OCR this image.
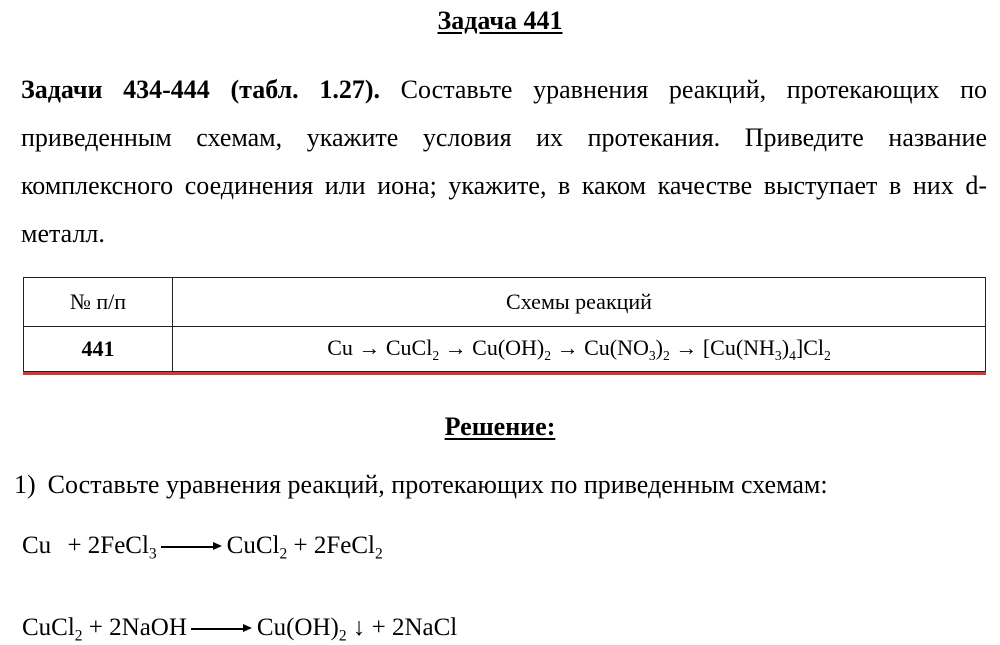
Задача 441

Задачи 434-444 (табл. 1.27). Составьте уравнения реакций, протекающих по приведенным схемам, укажите условия их протекания. Приведите название комплексного соединения или иона; укажите, в каком качестве выступает в них d-металл.

№ п/п	Схемы реакций
441	Cu → CuCl$_2$ → $Cu(OH)_2 \to Cu(NO_3)_2 \to [Cu(NH_3)_4]Cl_2$
Решение:
1) Составьте уравнения реакций, протекающих по приведенным схемам:
Cu + 2FeCl$_3$	CuCl$_2$ + 2FeCl$_2$
CuCl$_2$ + 2NaOH	$Cu(OH)_2$ ↓ + 2NaCl
